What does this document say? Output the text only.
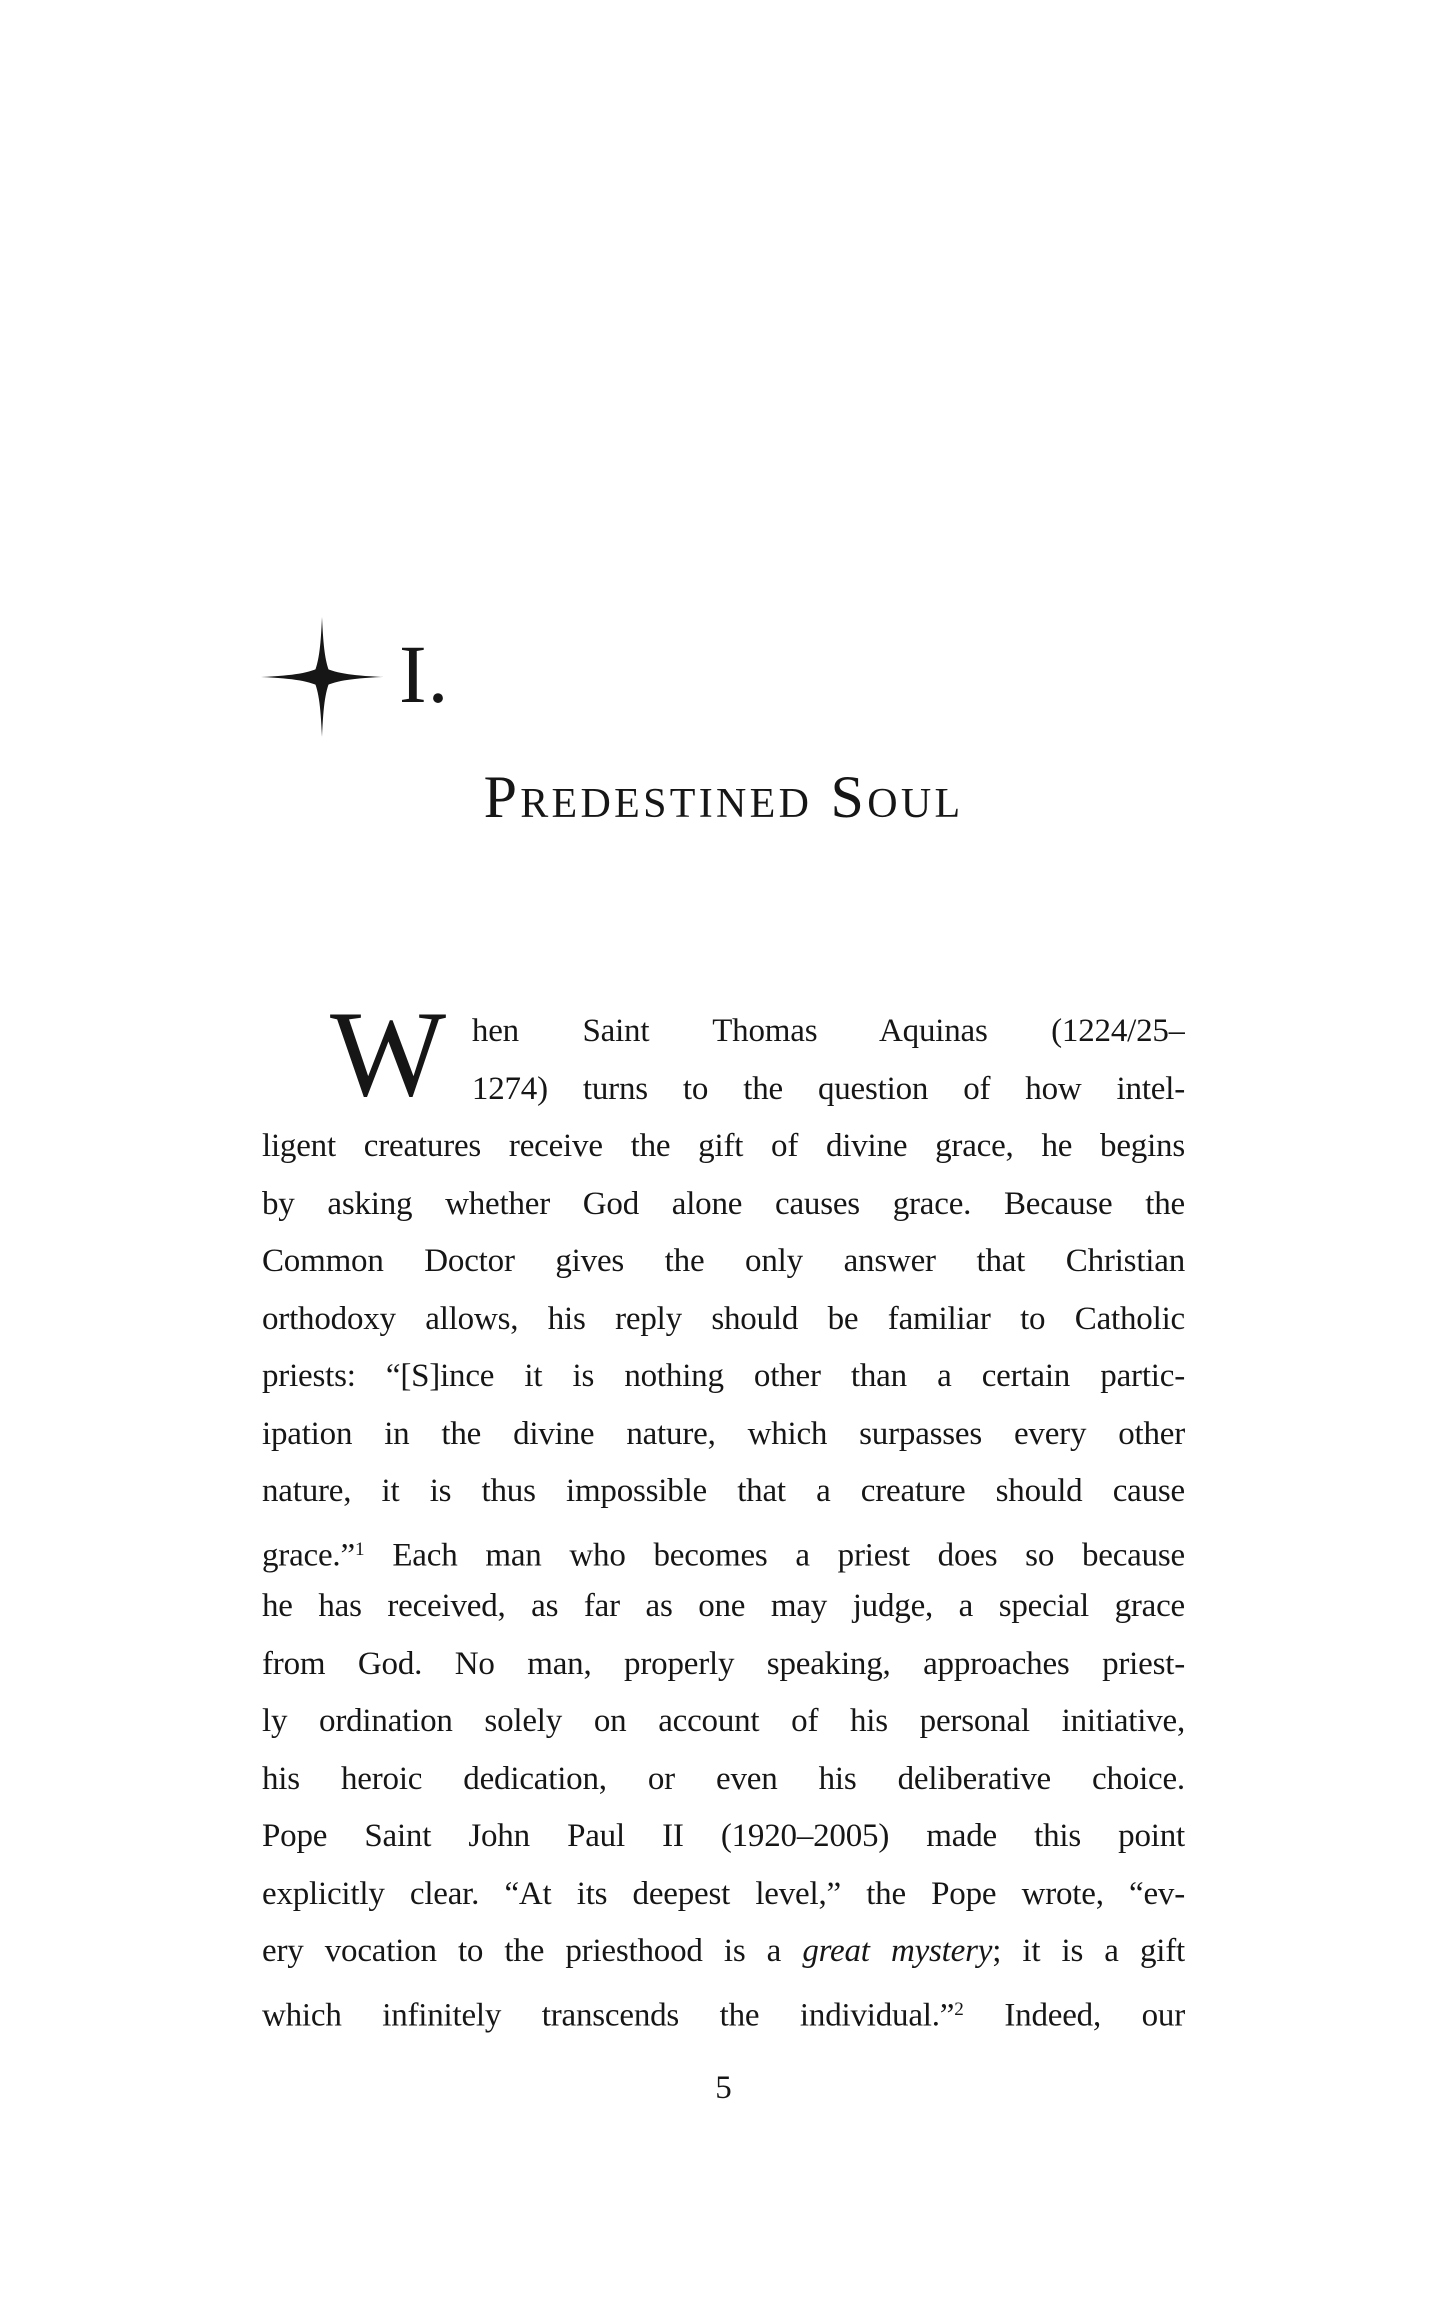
I.
Predestined Soul
W hen Saint Thomas Aquinas (1224/25–
1274) turns to the question of how intel-
ligent creatures receive the gift of divine grace, he begins
by asking whether God alone causes grace. Because the
Common Doctor gives the only answer that Christian
orthodoxy allows, his reply should be familiar to Catholic
priests: “[S]ince it is nothing other than a certain partic-
ipation in the divine nature, which surpasses every other
nature, it is thus impossible that a creature should cause
grace.”$^1$ Each man who becomes a priest does so because
he has received, as far as one may judge, a special grace
from God. No man, properly speaking, approaches priest-
ly ordination solely on account of his personal initiative,
his heroic dedication, or even his deliberative choice.
Pope Saint John Paul II (1920–2005) made this point
explicitly clear. “At its deepest level,” the Pope wrote, “ev-
ery vocation to the priesthood is a great mystery; it is a gift
which infinitely transcends the individual.”$^2$ Indeed, our
5
